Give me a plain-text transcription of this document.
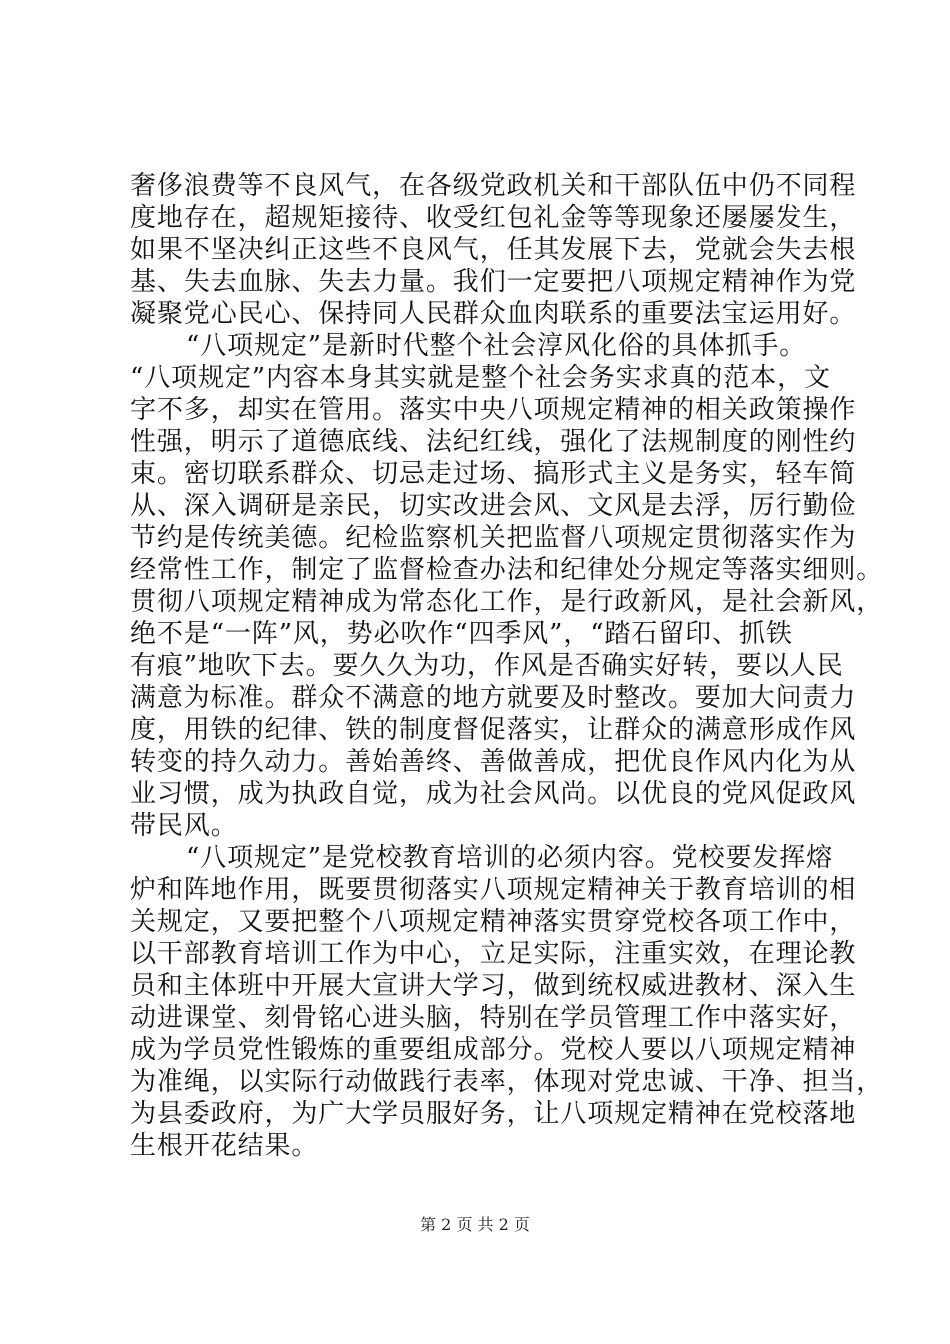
奢侈浪费等不良风气，在各级党政机关和干部队伍中仍不同程
度地存在，超规矩接待、收受红包礼金等等现象还屡屡发生，
如果不坚决纠正这些不良风气，任其发展下去，党就会失去根
基、失去血脉、失去力量。我们一定要把八项规定精神作为党
凝聚党心民心、保持同人民群众血肉联系的重要法宝运用好。
“八项规定”是新时代整个社会淳风化俗的具体抓手。
“八项规定”内容本身其实就是整个社会务实求真的范本，文
字不多，却实在管用。落实中央八项规定精神的相关政策操作
性强，明示了道德底线、法纪红线，强化了法规制度的刚性约
束。密切联系群众、切忌走过场、搞形式主义是务实，轻车简
从、深入调研是亲民，切实改进会风、文风是去浮，厉行勤俭
节约是传统美德。纪检监察机关把监督八项规定贯彻落实作为
经常性工作，制定了监督检查办法和纪律处分规定等落实细则。
贯彻八项规定精神成为常态化工作，是行政新风，是社会新风，
绝不是“一阵”风，势必吹作“四季风”，“踏石留印、抓铁
有痕”地吹下去。要久久为功，作风是否确实好转，要以人民
满意为标准。群众不满意的地方就要及时整改。要加大问责力
度，用铁的纪律、铁的制度督促落实，让群众的满意形成作风
转变的持久动力。善始善终、善做善成，把优良作风内化为从
业习惯，成为执政自觉，成为社会风尚。以优良的党风促政风
带民风。
“八项规定”是党校教育培训的必须内容。党校要发挥熔
炉和阵地作用，既要贯彻落实八项规定精神关于教育培训的相
关规定，又要把整个八项规定精神落实贯穿党校各项工作中，
以干部教育培训工作为中心，立足实际，注重实效，在理论教
员和主体班中开展大宣讲大学习，做到统权威进教材、深入生
动进课堂、刻骨铭心进头脑，特别在学员管理工作中落实好，
成为学员党性锻炼的重要组成部分。党校人要以八项规定精神
为准绳，以实际行动做践行表率，体现对党忠诚、干净、担当，
为县委政府，为广大学员服好务，让八项规定精神在党校落地
生根开花结果。
第 2 页 共 2 页
